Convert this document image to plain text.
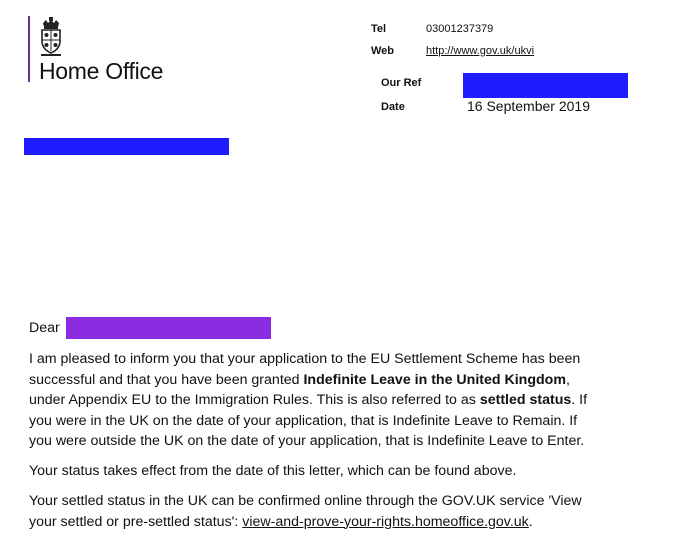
Home Office
Tel	03001237379
Web	http://www.gov.uk/ukvi
Our Ref
Date	16 September 2019
Dear
I am pleased to inform you that your application to the EU Settlement Scheme has been
successful and that you have been granted Indefinite Leave in the United Kingdom,
under Appendix EU to the Immigration Rules. This is also referred to as settled status. If
you were in the UK on the date of your application, that is Indefinite Leave to Remain. If
you were outside the UK on the date of your application, that is Indefinite Leave to Enter.
Your status takes effect from the date of this letter, which can be found above.
Your settled status in the UK can be confirmed online through the GOV.UK service 'View
your settled or pre-settled status': view-and-prove-your-rights.homeoffice.gov.uk.
